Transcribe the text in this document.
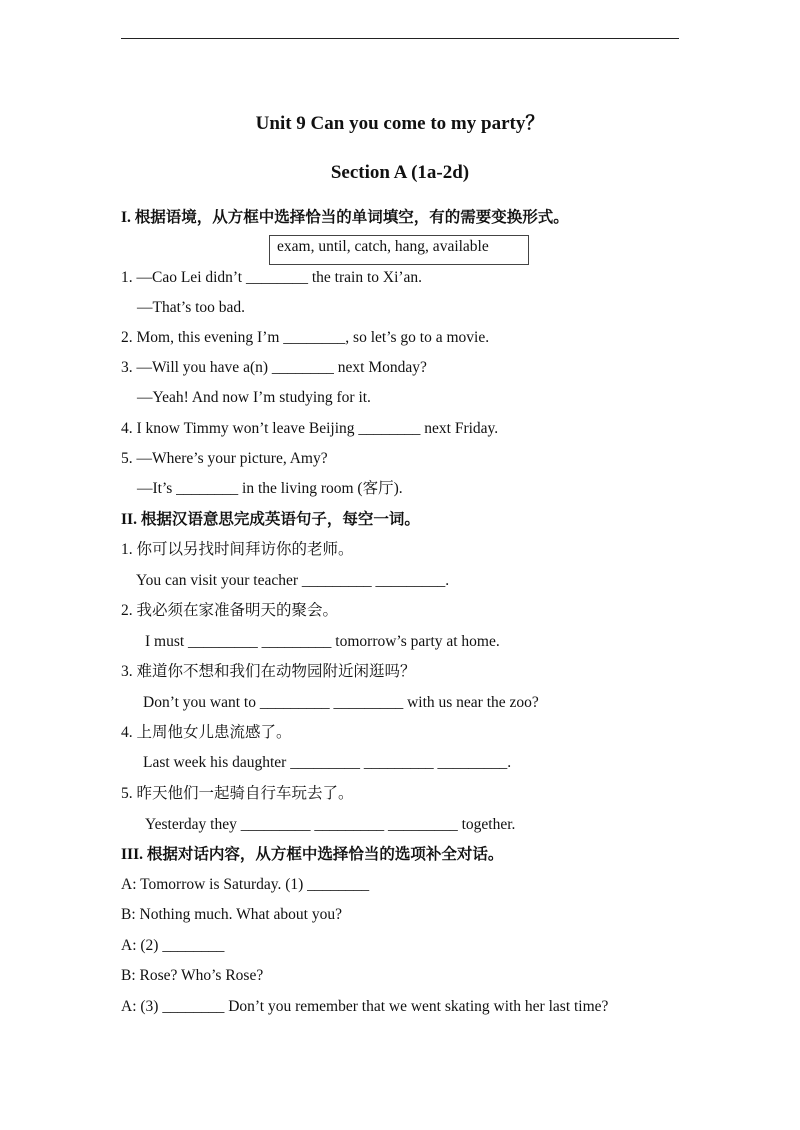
Unit 9 Can you come to my party？
Section A (1a-2d)
I. 根据语境，从方框中选择恰当的单词填空，有的需要变换形式。
exam, until, catch, hang, available
1. —Cao Lei didn’t ________ the train to Xi’an.
—That’s too bad.
2. Mom, this evening I’m ________, so let’s go to a movie.
3. —Will you have a(n) ________ next Monday?
—Yeah! And now I’m studying for it.
4. I know Timmy won’t leave Beijing ________ next Friday.
5. —Where’s your picture, Amy?
—It’s ________ in the living room (客厅).
II. 根据汉语意思完成英语句子，每空一词。
1. 你可以另找时间拜访你的老师。
You can visit your teacher _________ _________.
2. 我必须在家准备明天的聚会。
I must _________ _________ tomorrow’s party at home.
3. 难道你不想和我们在动物园附近闲逛吗？
Don’t you want to _________ _________ with us near the zoo?
4. 上周他女儿患流感了。
Last week his daughter _________ _________ _________.
5. 昨天他们一起骑自行车玩去了。
Yesterday they _________ _________ _________ together.
III. 根据对话内容，从方框中选择恰当的选项补全对话。
A: Tomorrow is Saturday. (1) ________
B: Nothing much. What about you?
A: (2) ________
B: Rose? Who’s Rose?
A: (3) ________ Don’t you remember that we went skating with her last time?
